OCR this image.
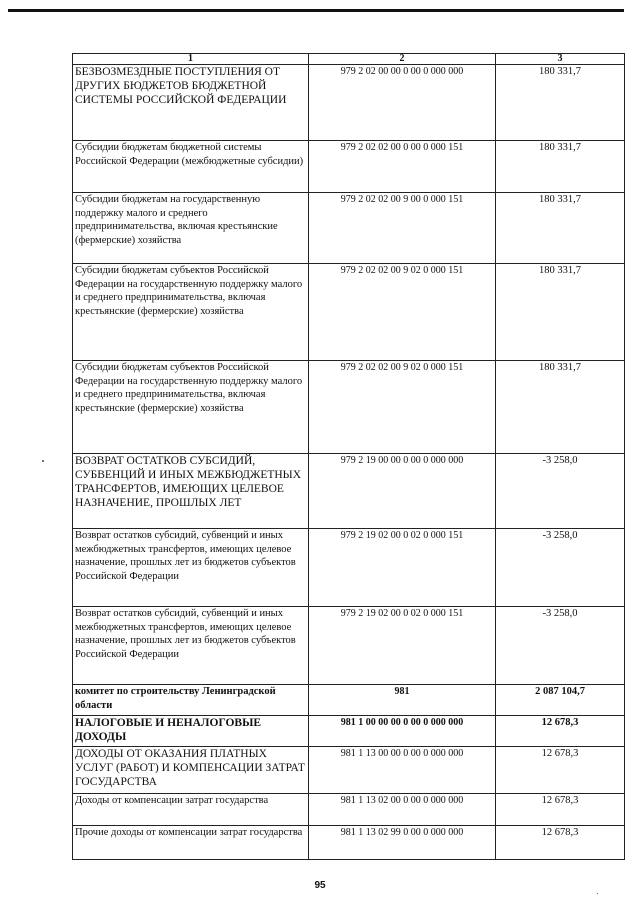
1	2	3
БЕЗВОЗМЕЗДНЫЕ ПОСТУПЛЕНИЯ ОТ ДРУГИХ БЮДЖЕТОВ БЮДЖЕТНОЙ СИСТЕМЫ РОССИЙСКОЙ ФЕДЕРАЦИИ	979 2 02 00 00 0 00 0 000 000	180 331,7
Субсидии бюджетам бюджетной системы Российской Федерации (межбюджетные субсидии)	979 2 02 02 00 0 00 0 000 151	180 331,7
Субсидии бюджетам на государственную поддержку малого и среднего предпринимательства, включая крестьянские (фермерские) хозяйства	979 2 02 02 00 9 00 0 000 151	180 331,7
Субсидии бюджетам субъектов Российской Федерации на государственную поддержку малого и среднего предпринимательства, включая крестьянские (фермерские) хозяйства	979 2 02 02 00 9 02 0 000 151	180 331,7
Субсидии бюджетам субъектов Российской Федерации на государственную поддержку малого и среднего предпринимательства, включая крестьянские (фермерские) хозяйства	979 2 02 02 00 9 02 0 000 151	180 331,7
ВОЗВРАТ ОСТАТКОВ СУБСИДИЙ, СУБВЕНЦИЙ И ИНЫХ МЕЖБЮДЖЕТНЫХ ТРАНСФЕРТОВ, ИМЕЮЩИХ ЦЕЛЕВОЕ НАЗНАЧЕНИЕ, ПРОШЛЫХ ЛЕТ	979 2 19 00 00 0 00 0 000 000	-3 258,0
Возврат остатков субсидий, субвенций и иных межбюджетных трансфертов, имеющих целевое назначение, прошлых лет из бюджетов субъектов Российской Федерации	979 2 19 02 00 0 02 0 000 151	-3 258,0
Возврат остатков субсидий, субвенций и иных межбюджетных трансфертов, имеющих целевое назначение, прошлых лет из бюджетов субъектов Российской Федерации	979 2 19 02 00 0 02 0 000 151	-3 258,0
комитет по строительству Ленинградской области	981	2 087 104,7
НАЛОГОВЫЕ И НЕНАЛОГОВЫЕ ДОХОДЫ	981 1 00 00 00 0 00 0 000 000	12 678,3
ДОХОДЫ ОТ ОКАЗАНИЯ ПЛАТНЫХ УСЛУГ (РАБОТ) И КОМПЕНСАЦИИ ЗАТРАТ ГОСУДАРСТВА	981 1 13 00 00 0 00 0 000 000	12 678,3
Доходы от компенсации затрат государства	981 1 13 02 00 0 00 0 000 000	12 678,3
Прочие доходы от компенсации затрат государства	981 1 13 02 99 0 00 0 000 000	12 678,3
95
